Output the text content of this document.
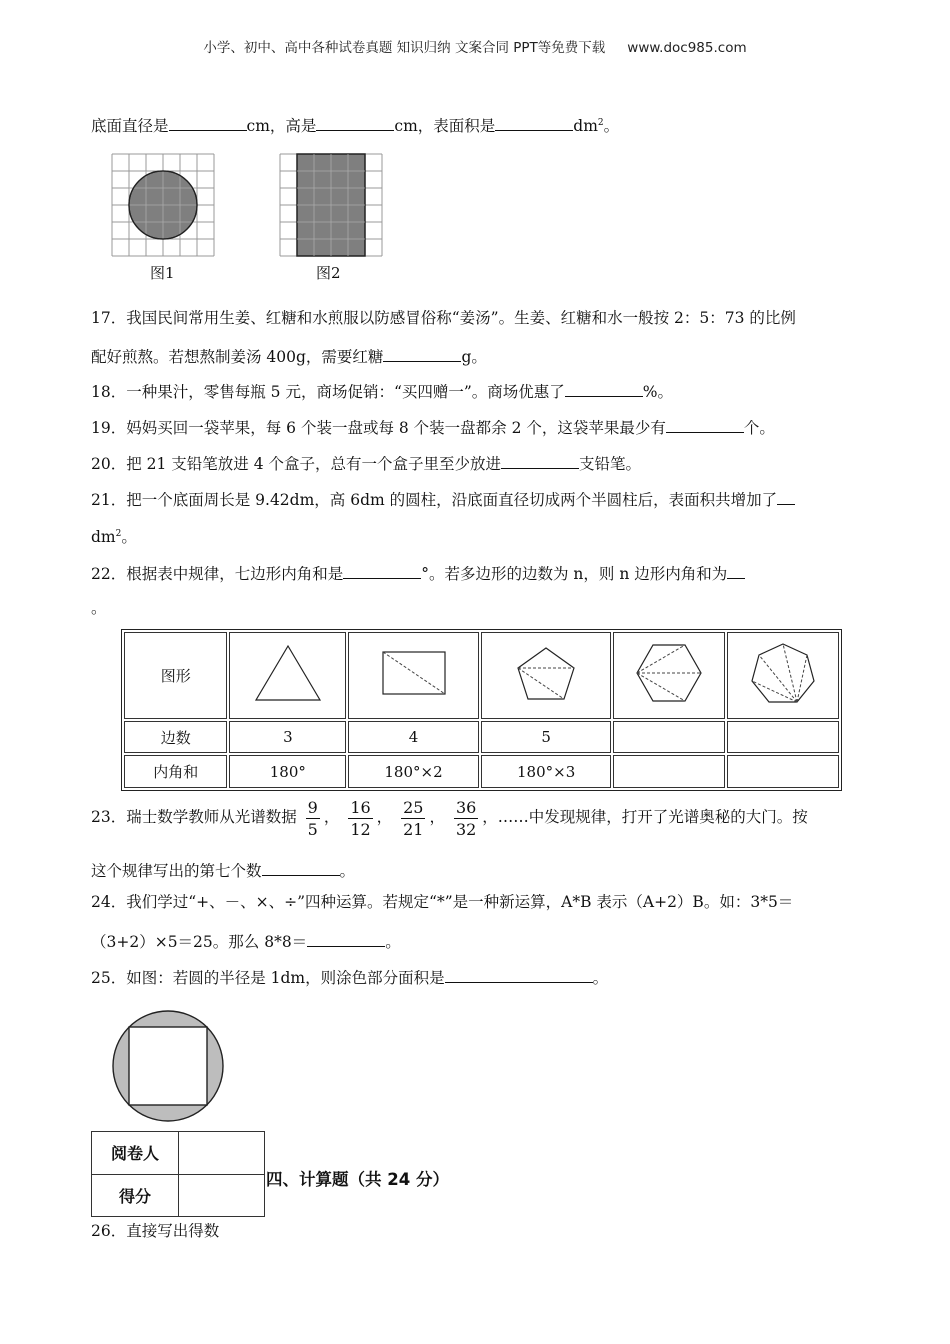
小学、初中、高中各种试卷真题 知识归纳 文案合同 PPT等免费下载 www.doc985.com
底面直径是	cm，高是	cm，表面积是	$dm^2$。
图1	图2
17．我国民间常用生姜、红糖和水煎服以防感冒俗称“姜汤”。生姜、红糖和水一般按 2：5：73 的比例
配好煎熬。若想熬制姜汤 400g，需要红糖	g。
18．一种果汁，零售每瓶 5 元，商场促销：“买四赠一”。商场优惠了	%。
19．妈妈买回一袋苹果，每 6 个装一盘或每 8 个装一盘都余 2 个，这袋苹果最少有	个。
20．把 21 支铅笔放进 4 个盒子，总有一个盒子里至少放进	支铅笔。
21．把一个底面周长是 9.42dm，高 6dm 的圆柱，沿底面直径切成两个半圆柱后，表面积共增加了
$dm^2$。
22．根据表中规律，七边形内角和是	°。若多边形的边数为 n，则 n 边形内角和为
。
图形					
边数	3	4	5		
内角和	180°	180°×2	180°×3		
23．瑞士数学教师从光谱数据 $\frac{9}{5}$ ， $\frac{16}{12}$ ， $\frac{25}{21}$ ， $\frac{36}{32}$ ，……中发现规律，打开了光谱奥秘的大门。按
这个规律写出的第七个数	。
24．我们学过“+、－、×、÷”四种运算。若规定“*”是一种新运算，A*B 表示（A+2）B。如：3*5＝
（3+2）×5＝25。那么 8*8＝	。
25．如图：若圆的半径是 1dm，则涂色部分面积是	。
阅卷人	
得分	
四、计算题（共 24 分）
26．直接写出得数
